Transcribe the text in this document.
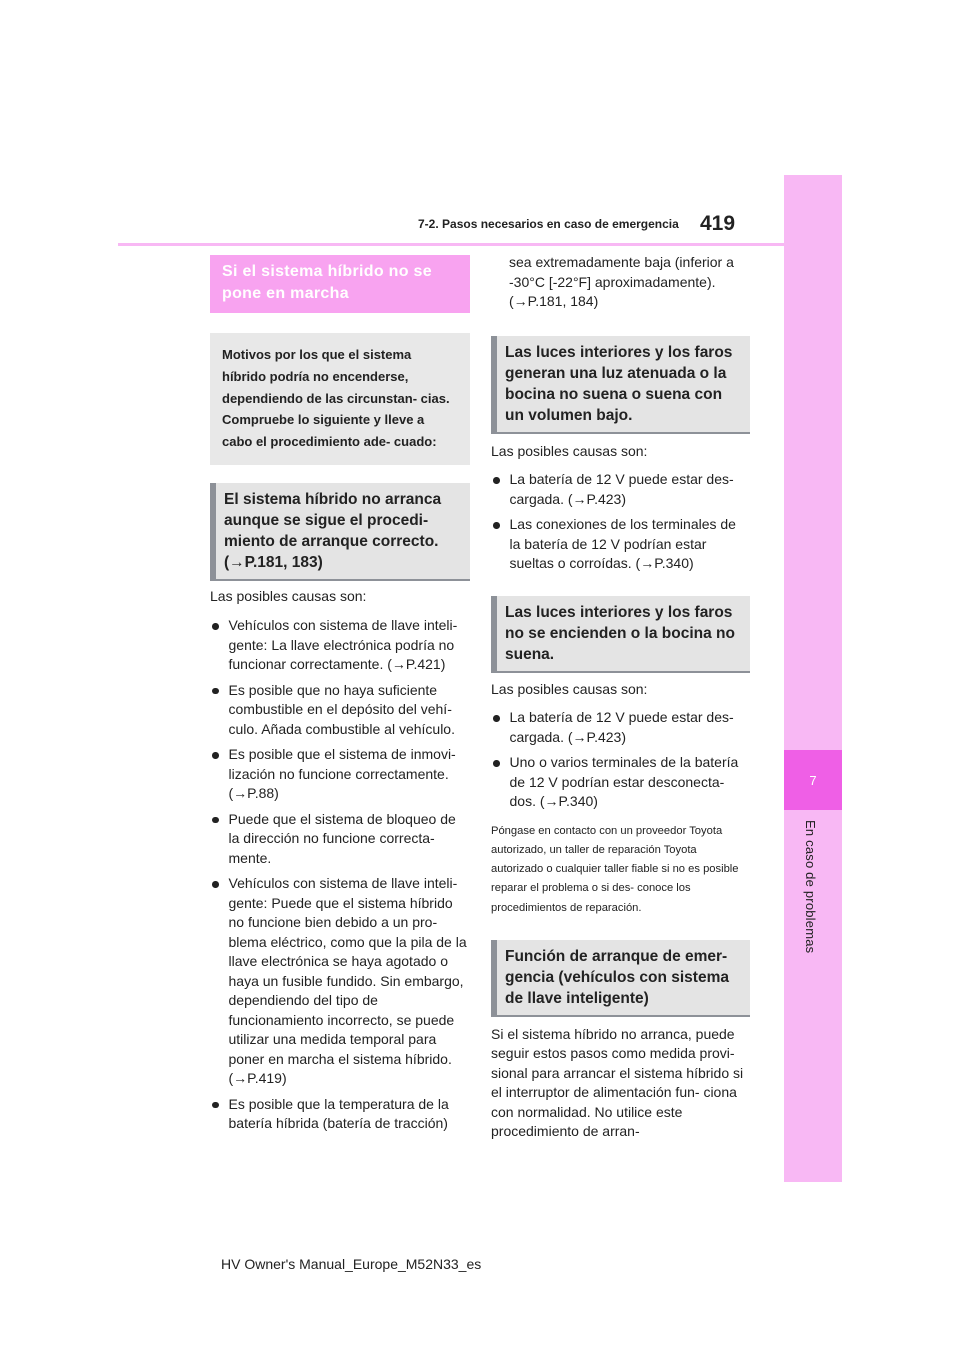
7
En caso de problemas
7-2. Pasos necesarios en caso de emergencia 419
Si el sistema híbrido no se pone en marcha
Motivos por los que el sistema híbrido podría no encenderse, dependiendo de las circunstan- cias. Compruebe lo siguiente y lleve a cabo el procedimiento ade- cuado:
El sistema híbrido no arranca aunque se sigue el procedi- miento de arranque correcto. (→P.181, 183)

Las posibles causas son:

Vehículos con sistema de llave inteli- gente: La llave electrónica podría no funcionar correctamente. (→P.421)
Es posible que no haya suficiente combustible en el depósito del vehí- culo. Añada combustible al vehículo.
Es posible que el sistema de inmovi- lización no funcione correctamente. (→P.88)
Puede que el sistema de bloqueo de la dirección no funcione correcta- mente.
Vehículos con sistema de llave inteli- gente: Puede que el sistema híbrido no funcione bien debido a un pro- blema eléctrico, como que la pila de la llave electrónica se haya agotado o haya un fusible fundido. Sin embargo, dependiendo del tipo de funcionamiento incorrecto, se puede utilizar una medida temporal para poner en marcha el sistema híbrido. (→P.419)
Es posible que la temperatura de la batería híbrida (batería de tracción)

sea extremadamente baja (inferior a -30°C [-22°F] aproximadamente). (→P.181, 184)

Las luces interiores y los faros generan una luz atenuada o la bocina no suena o suena con un volumen bajo.

Las posibles causas son:

La batería de 12 V puede estar des- cargada. (→P.423)
Las conexiones de los terminales de la batería de 12 V podrían estar sueltas o corroídas. (→P.340)
Las luces interiores y los faros no se encienden o la bocina no suena.

Las posibles causas son:

La batería de 12 V puede estar des- cargada. (→P.423)
Uno o varios terminales de la batería de 12 V podrían estar desconecta- dos. (→P.340)

Póngase en contacto con un proveedor Toyota autorizado, un taller de reparación Toyota autorizado o cualquier taller fiable si no es posible reparar el problema o si des- conoce los procedimientos de reparación.

Función de arranque de emer- gencia (vehículos con sistema de llave inteligente)

Si el sistema híbrido no arranca, puede seguir estos pasos como medida provi- sional para arrancar el sistema híbrido si el interruptor de alimentación fun- ciona con normalidad. No utilice este procedimiento de arran-

HV Owner's Manual_Europe_M52N33_es
